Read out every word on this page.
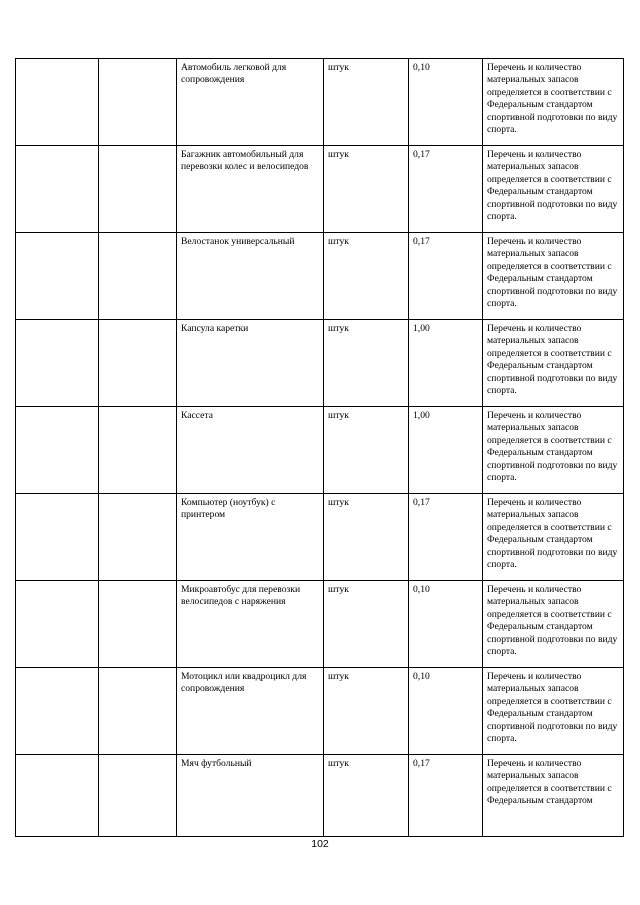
		Автомобиль легковой для сопровождения	штук	0,10	Перечень и количество материальных запасов определяется в соответствии с Федеральным стандартом спортивной подготовки по виду спорта.

		Багажник автомобильный для перевозки колес и велосипедов	штук	0,17	Перечень и количество материальных запасов определяется в соответствии с Федеральным стандартом спортивной подготовки по виду спорта.

		Велостанок универсальный	штук	0,17	Перечень и количество материальных запасов определяется в соответствии с Федеральным стандартом спортивной подготовки по виду спорта.

		Капсула каретки	штук	1,00	Перечень и количество материальных запасов определяется в соответствии с Федеральным стандартом спортивной подготовки по виду спорта.

		Кассета	штук	1,00	Перечень и количество материальных запасов определяется в соответствии с Федеральным стандартом спортивной подготовки по виду спорта.

		Компьютер (ноутбук) с принтером	штук	0,17	Перечень и количество материальных запасов определяется в соответствии с Федеральным стандартом спортивной подготовки по виду спорта.

		Микроавтобус для перевозки велосипедов с наряжения	штук	0,10	Перечень и количество материальных запасов определяется в соответствии с Федеральным стандартом спортивной подготовки по виду спорта.

		Мотоцикл или квадроцикл для сопровождения	штук	0,10	Перечень и количество материальных запасов определяется в соответствии с Федеральным стандартом спортивной подготовки по виду спорта.

		Мяч футбольный	штук	0,17	Перечень и количество материальных запасов определяется в соответствии с Федеральным стандартом
102
